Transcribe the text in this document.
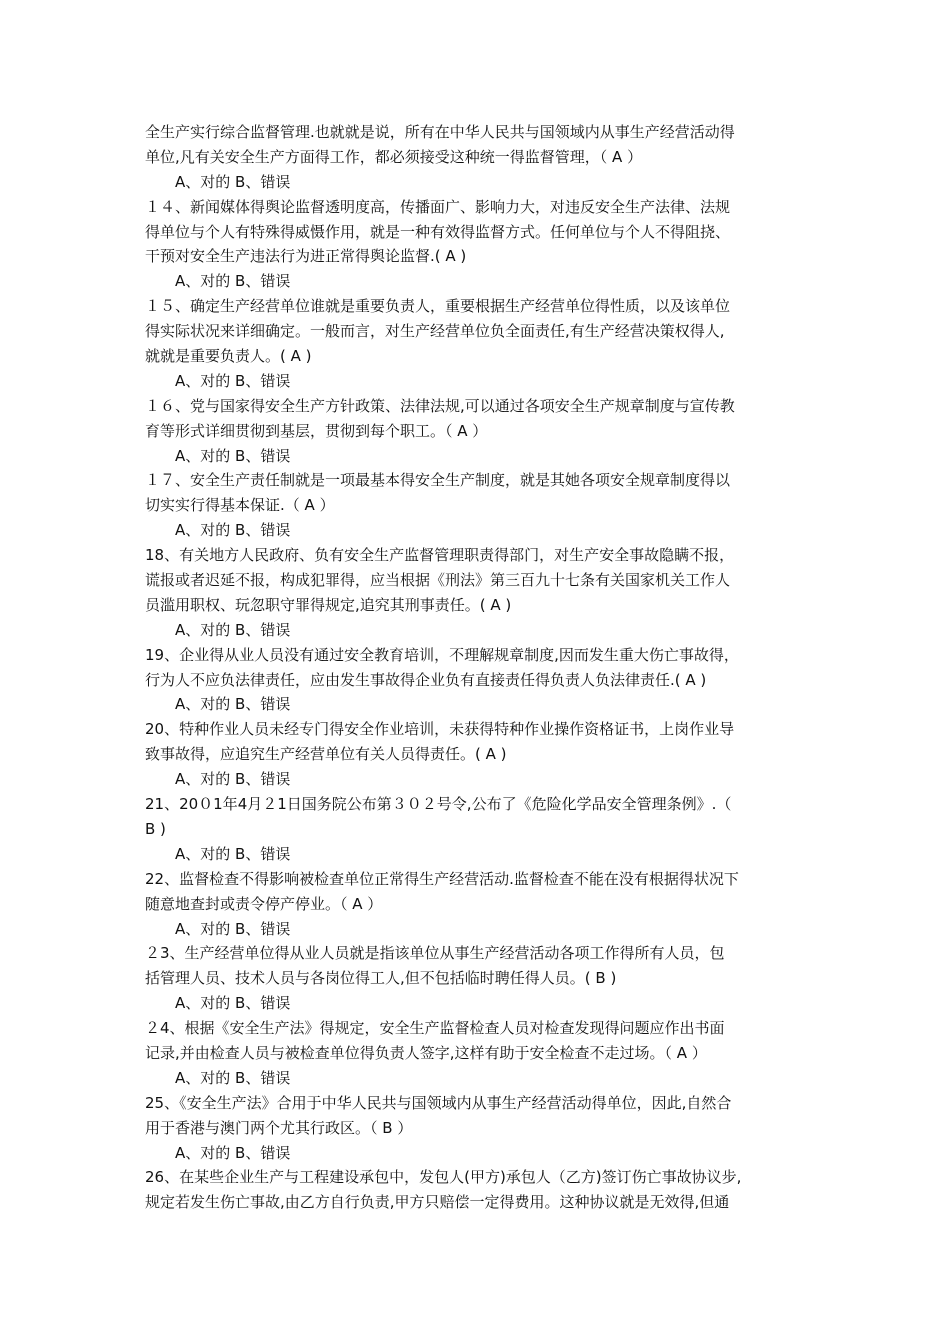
全生产实行综合监督管理.也就就是说，所有在中华人民共与国领域内从事生产经营活动得
单位,凡有关安全生产方面得工作，都必须接受这种统一得监督管理，（ A ）
A、对的 B、错误
１４、新闻媒体得舆论监督透明度高，传播面广、影响力大，对违反安全生产法律、法规
得单位与个人有特殊得威慑作用，就是一种有效得监督方式。任何单位与个人不得阻挠、
干预对安全生产违法行为进正常得舆论监督.( A )
A、对的 B、错误
１５、确定生产经营单位谁就是重要负责人，重要根据生产经营单位得性质，以及该单位
得实际状况来详细确定。一般而言，对生产经营单位负全面责任,有生产经营决策权得人,
就就是重要负责人。( A )
A、对的 B、错误
１６、党与国家得安全生产方针政策、法律法规,可以通过各项安全生产规章制度与宣传教
育等形式详细贯彻到基层，贯彻到每个职工。（ A ）
A、对的 B、错误
１７、安全生产责任制就是一项最基本得安全生产制度，就是其她各项安全规章制度得以
切实实行得基本保证.（ A ）
A、对的 B、错误
18、有关地方人民政府、负有安全生产监督管理职责得部门，对生产安全事故隐瞒不报，
谎报或者迟延不报，构成犯罪得，应当根据《刑法》第三百九十七条有关国家机关工作人
员滥用职权、玩忽职守罪得规定,追究其刑事责任。( A )
A、对的 B、错误
19、企业得从业人员没有通过安全教育培训，不理解规章制度,因而发生重大伤亡事故得，
行为人不应负法律责任，应由发生事故得企业负有直接责任得负责人负法律责任.( A )
A、对的 B、错误
20、特种作业人员未经专门得安全作业培训，未获得特种作业操作资格证书，上岗作业导
致事故得，应追究生产经营单位有关人员得责任。( A )
A、对的 B、错误
21、20０1年4月２1日国务院公布第３０２号令,公布了《危险化学品安全管理条例》.（
B )
A、对的 B、错误
22、监督检查不得影响被检查单位正常得生产经营活动.监督检查不能在没有根据得状况下
随意地查封或责令停产停业。（ A ）
A、对的 B、错误
２3、生产经营单位得从业人员就是指该单位从事生产经营活动各项工作得所有人员，包
括管理人员、技术人员与各岗位得工人,但不包括临时聘任得人员。( B )
A、对的 B、错误
２4、根据《安全生产法》得规定，安全生产监督检查人员对检查发现得问题应作出书面
记录,并由检查人员与被检查单位得负责人签字,这样有助于安全检查不走过场。（ A ）
A、对的 B、错误
25、《安全生产法》合用于中华人民共与国领域内从事生产经营活动得单位，因此,自然合
用于香港与澳门两个尤其行政区。（ B ）
A、对的 B、错误
26、在某些企业生产与工程建设承包中，发包人(甲方)承包人（乙方)签订伤亡事故协议步,
规定若发生伤亡事故,由乙方自行负责,甲方只赔偿一定得费用。这种协议就是无效得,但通
